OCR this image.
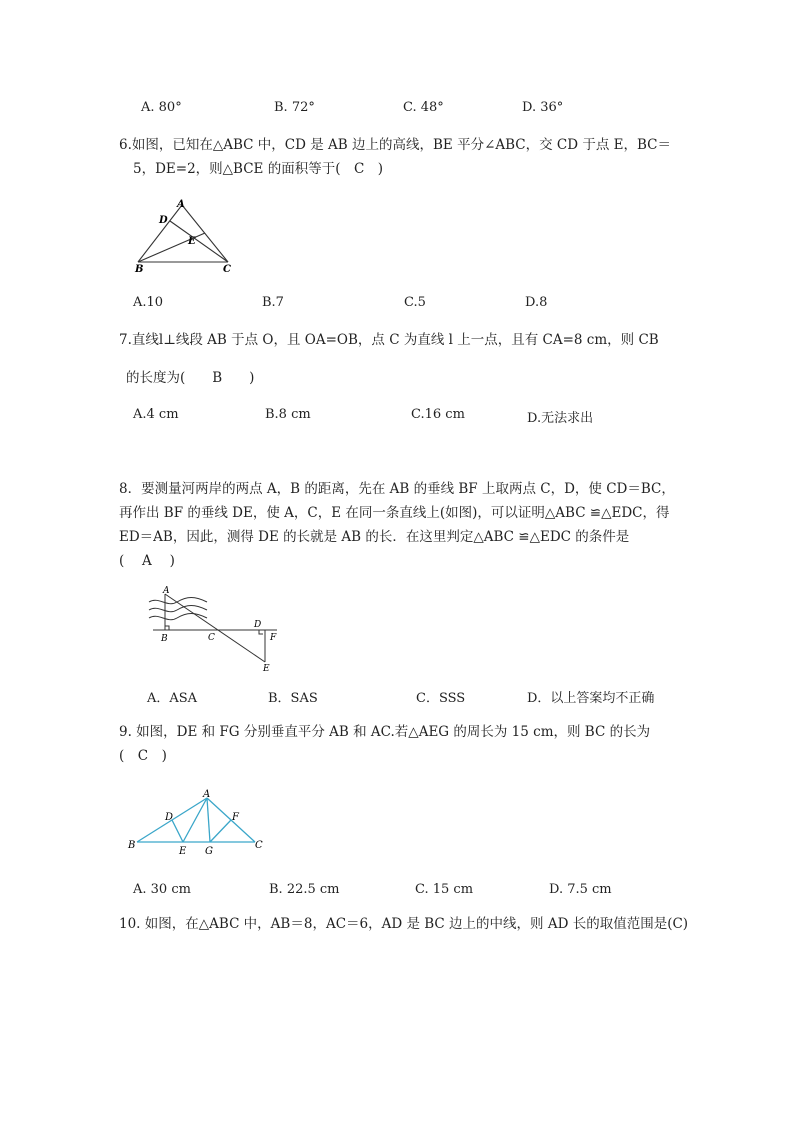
A. 80°	B. 72°	C. 48°	D. 36°
6.如图，已知在△ABC 中，CD 是 AB 边上的高线，BE 平分∠ABC，交 CD 于点 E，BC＝
5，DE=2，则△BCE 的面积等于(　C　)
A
D
E
B	C
A.10	B.7	C.5	D.8
7.直线l⊥线段 AB 于点 O，且 OA=OB，点 C 为直线 l 上一点，且有 CA=8 cm，则 CB
的长度为(　　B　　)
A.4 cm	B.8 cm	C.16 cm	D.无法求出
8．要测量河两岸的两点 A，B 的距离，先在 AB 的垂线 BF 上取两点 C，D，使 CD＝BC，
再作出 BF 的垂线 DE，使 A，C，E 在同一条直线上(如图)，可以证明△ABC ≌△EDC，得
ED＝AB，因此，测得 DE 的长就是 AB 的长．在这里判定△ABC ≌△EDC 的条件是
(　 A　 )
A
B	C
D
F
E
A．ASA	B．SAS	C．SSS	D．以上答案均不正确
9. 如图，DE 和 FG 分别垂直平分 AB 和 AC.若△AEG 的周长为 15 cm，则 BC 的长为
(　C　)
A
D	F
B
E G
C
A. 30 cm	B. 22.5 cm	C. 15 cm	D. 7.5 cm
10. 如图，在△ABC 中，AB＝8，AC＝6，AD 是 BC 边上的中线，则 AD 长的取值范围是(C)
